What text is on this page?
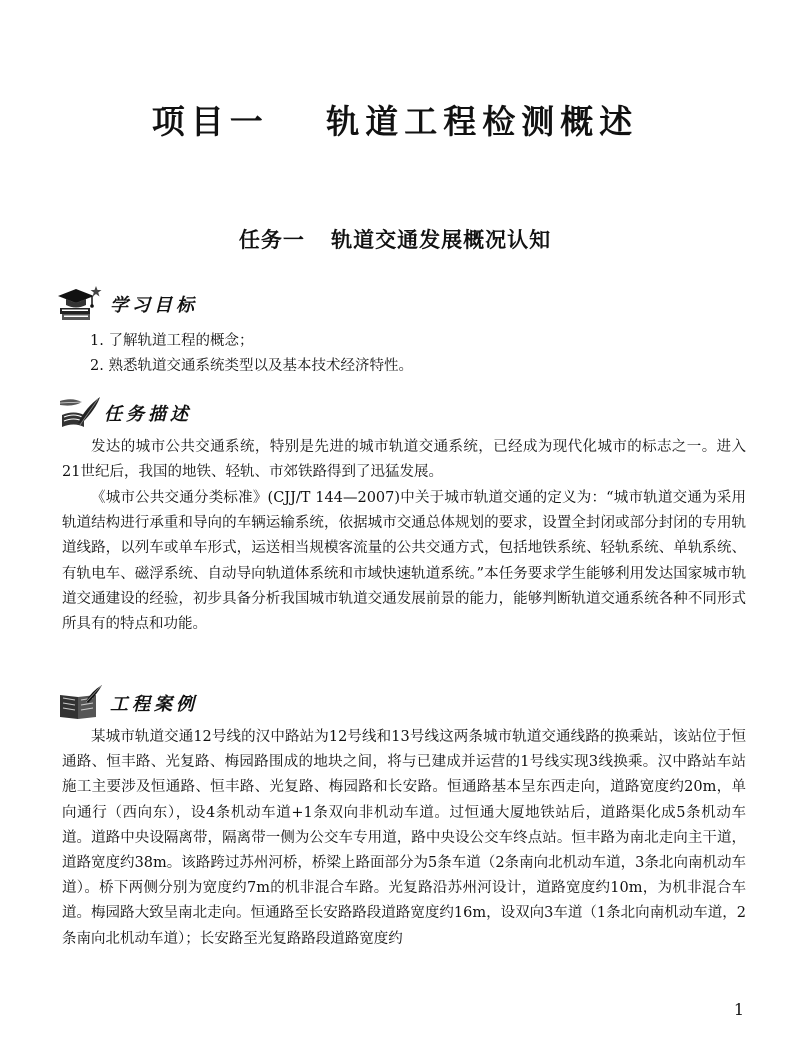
项目一 轨道工程检测概述
任务一 轨道交通发展概况认知
学习目标
1. 了解轨道工程的概念；
2. 熟悉轨道交通系统类型以及基本技术经济特性。
任务描述

发达的城市公共交通系统，特别是先进的城市轨道交通系统，已经成为现代化城市的标志之一。进入21世纪后，我国的地铁、轻轨、市郊铁路得到了迅猛发展。

《城市公共交通分类标准》(CJJ/T 144—2007)中关于城市轨道交通的定义为：“城市轨道交通为采用轨道结构进行承重和导向的车辆运输系统，依据城市交通总体规划的要求，设置全封闭或部分封闭的专用轨道线路，以列车或单车形式，运送相当规模客流量的公共交通方式，包括地铁系统、轻轨系统、单轨系统、有轨电车、磁浮系统、自动导向轨道体系统和市域快速轨道系统。”本任务要求学生能够利用发达国家城市轨道交通建设的经验，初步具备分析我国城市轨道交通发展前景的能力，能够判断轨道交通系统各种不同形式所具有的特点和功能。

工程案例

某城市轨道交通12号线的汉中路站为12号线和13号线这两条城市轨道交通线路的换乘站，该站位于恒通路、恒丰路、光复路、梅园路围成的地块之间，将与已建成并运营的1号线实现3线换乘。汉中路站车站施工主要涉及恒通路、恒丰路、光复路、梅园路和长安路。恒通路基本呈东西走向，道路宽度约20m，单向通行（西向东），设4条机动车道+1条双向非机动车道。过恒通大厦地铁站后，道路渠化成5条机动车道。道路中央设隔离带，隔离带一侧为公交车专用道，路中央设公交车终点站。恒丰路为南北走向主干道，道路宽度约38m。该路跨过苏州河桥，桥梁上路面部分为5条车道（2条南向北机动车道，3条北向南机动车道）。桥下两侧分别为宽度约7m的机非混合车路。光复路沿苏州河设计，道路宽度约10m，为机非混合车道。梅园路大致呈南北走向。恒通路至长安路路段道路宽度约16m，设双向3车道（1条北向南机动车道，2条南向北机动车道）；长安路至光复路路段道路宽度约

1
